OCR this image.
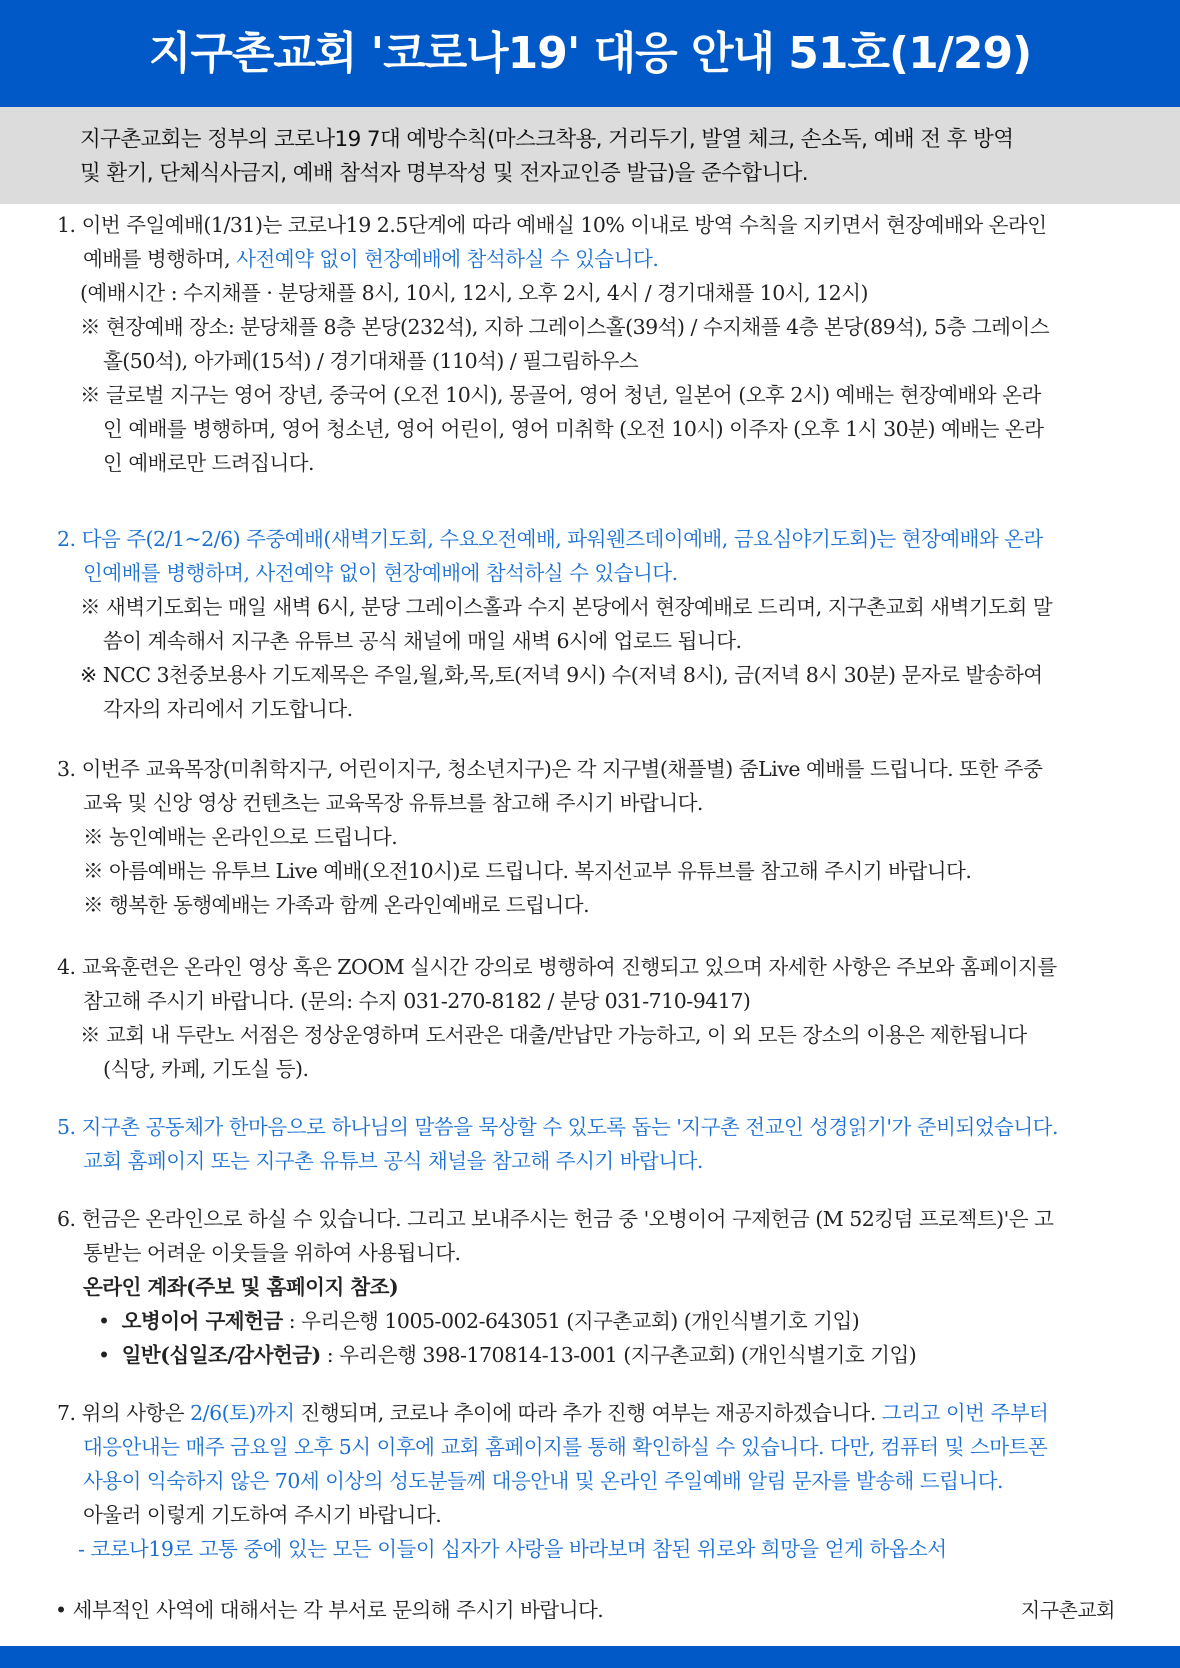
지구촌교회 '코로나19' 대응 안내 51호(1/29)
지구촌교회는 정부의 코로나19 7대 예방수칙(마스크착용, 거리두기, 발열 체크, 손소독, 예배 전 후 방역
및 환기, 단체식사금지, 예배 참석자 명부작성 및 전자교인증 발급)을 준수합니다.
1. 이번 주일예배(1/31)는 코로나19 2.5단계에 따라 예배실 10% 이내로 방역 수칙을 지키면서 현장예배와 온라인
예배를 병행하며, 사전예약 없이 현장예배에 참석하실 수 있습니다.
(예배시간 : 수지채플 · 분당채플 8시, 10시, 12시, 오후 2시, 4시 / 경기대채플 10시, 12시)
※ 현장예배 장소: 분당채플 8층 본당(232석), 지하 그레이스홀(39석) / 수지채플 4층 본당(89석), 5층 그레이스
홀(50석), 아가페(15석) / 경기대채플 (110석) / 필그림하우스
※ 글로벌 지구는 영어 장년, 중국어 (오전 10시), 몽골어, 영어 청년, 일본어 (오후 2시) 예배는 현장예배와 온라
인 예배를 병행하며, 영어 청소년, 영어 어린이, 영어 미취학 (오전 10시) 이주자 (오후 1시 30분) 예배는 온라
인 예배로만 드려집니다.
2. 다음 주(2/1~2/6) 주중예배(새벽기도회, 수요오전예배, 파워웬즈데이예배, 금요심야기도회)는 현장예배와 온라
인예배를 병행하며, 사전예약 없이 현장예배에 참석하실 수 있습니다.
※ 새벽기도회는 매일 새벽 6시, 분당 그레이스홀과 수지 본당에서 현장예배로 드리며, 지구촌교회 새벽기도회 말
씀이 계속해서 지구촌 유튜브 공식 채널에 매일 새벽 6시에 업로드 됩니다.
※ NCC 3천중보용사 기도제목은 주일,월,화,목,토(저녁 9시) 수(저녁 8시), 금(저녁 8시 30분) 문자로 발송하여
각자의 자리에서 기도합니다.
3. 이번주 교육목장(미취학지구, 어린이지구, 청소년지구)은 각 지구별(채플별) 줌Live 예배를 드립니다. 또한 주중
교육 및 신앙 영상 컨텐츠는 교육목장 유튜브를 참고해 주시기 바랍니다.
※ 농인예배는 온라인으로 드립니다.
※ 아름예배는 유투브 Live 예배(오전10시)로 드립니다. 복지선교부 유튜브를 참고해 주시기 바랍니다.
※ 행복한 동행예배는 가족과 함께 온라인예배로 드립니다.
4. 교육훈련은 온라인 영상 혹은 ZOOM 실시간 강의로 병행하여 진행되고 있으며 자세한 사항은 주보와 홈페이지를
참고해 주시기 바랍니다. (문의: 수지 031-270-8182 / 분당 031-710-9417)
※ 교회 내 두란노 서점은 정상운영하며 도서관은 대출/반납만 가능하고, 이 외 모든 장소의 이용은 제한됩니다
(식당, 카페, 기도실 등).
5. 지구촌 공동체가 한마음으로 하나님의 말씀을 묵상할 수 있도록 돕는 '지구촌 전교인 성경읽기'가 준비되었습니다.
교회 홈페이지 또는 지구촌 유튜브 공식 채널을 참고해 주시기 바랍니다.
6. 헌금은 온라인으로 하실 수 있습니다. 그리고 보내주시는 헌금 중 '오병이어 구제헌금 (M 52킹덤 프로젝트)'은 고
통받는 어려운 이웃들을 위하여 사용됩니다.
온라인 계좌(주보 및 홈페이지 참조)
•  오병이어 구제헌금 : 우리은행 1005-002-643051 (지구촌교회) (개인식별기호 기입)
•  일반(십일조/감사헌금) : 우리은행 398-170814-13-001 (지구촌교회) (개인식별기호 기입)
7. 위의 사항은 2/6(토)까지 진행되며, 코로나 추이에 따라 추가 진행 여부는 재공지하겠습니다. 그리고 이번 주부터
대응안내는 매주 금요일 오후 5시 이후에 교회 홈페이지를 통해 확인하실 수 있습니다. 다만, 컴퓨터 및 스마트폰
사용이 익숙하지 않은 70세 이상의 성도분들께 대응안내 및 온라인 주일예배 알림 문자를 발송해 드립니다.
아울러 이렇게 기도하여 주시기 바랍니다.
- 코로나19로 고통 중에 있는 모든 이들이 십자가 사랑을 바라보며 참된 위로와 희망을 얻게 하옵소서
• 세부적인 사역에 대해서는 각 부서로 문의해 주시기 바랍니다.	지구촌교회
